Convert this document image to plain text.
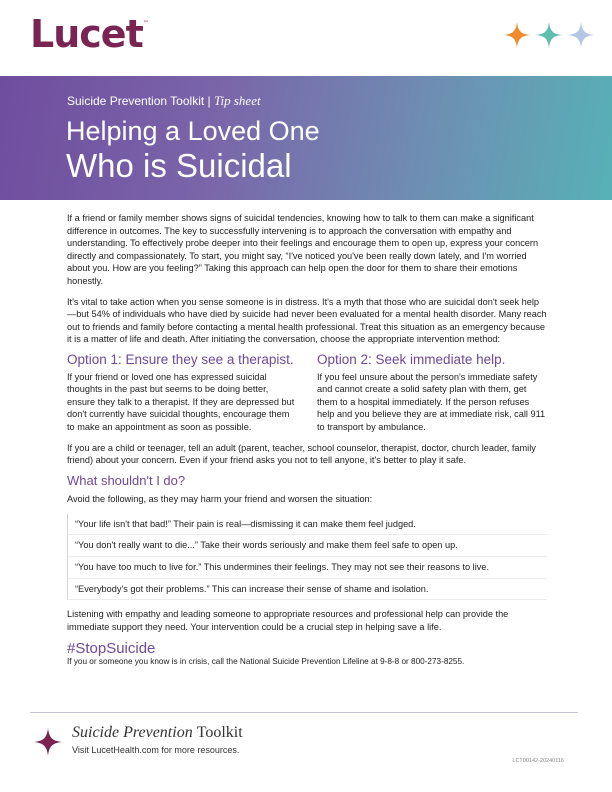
Lucet™
Suicide Prevention Toolkit | Tip sheet
Helping a Loved One
Who is Suicidal

If a friend or family member shows signs of suicidal tendencies, knowing how to talk to them can make a significant difference in outcomes. The key to successfully intervening is to approach the conversation with empathy and understanding. To effectively probe deeper into their feelings and encourage them to open up, express your concern directly and compassionately. To start, you might say, “I've noticed you've been really down lately, and I'm worried about you. How are you feeling?” Taking this approach can help open the door for them to share their emotions honestly.

It's vital to take action when you sense someone is in distress. It's a myth that those who are suicidal don't seek help—but 54% of individuals who have died by suicide had never been evaluated for a mental health disorder. Many reach out to friends and family before contacting a mental health professional. Treat this situation as an emergency because it is a matter of life and death. After initiating the conversation, choose the appropriate intervention method:

Option 1: Ensure they see a therapist.

If your friend or loved one has expressed suicidal thoughts in the past but seems to be doing better, ensure they talk to a therapist. If they are depressed but don't currently have suicidal thoughts, encourage them to make an appointment as soon as possible.

Option 2: Seek immediate help.

If you feel unsure about the person's immediate safety and cannot create a solid safety plan with them, get them to a hospital immediately. If the person refuses help and you believe they are at immediate risk, call 911 to transport by ambulance.

If you are a child or teenager, tell an adult (parent, teacher, school counselor, therapist, doctor, church leader, family friend) about your concern. Even if your friend asks you not to tell anyone, it's better to play it safe.

What shouldn't I do?

Avoid the following, as they may harm your friend and worsen the situation:

“Your life isn't that bad!” Their pain is real—dismissing it can make them feel judged.
“You don't really want to die...” Take their words seriously and make them feel safe to open up.
“You have too much to live for.” This undermines their feelings. They may not see their reasons to live.
“Everybody's got their problems.” This can increase their sense of shame and isolation.

Listening with empathy and leading someone to appropriate resources and professional help can provide the immediate support they need. Your intervention could be a crucial step in helping save a life.

#StopSuicide
If you or someone you know is in crisis, call the National Suicide Prevention Lifeline at 9-8-8 or 800-273-8255.
Suicide Prevention Toolkit
Visit LucetHealth.com for more resources.
LCT00142-20240116
